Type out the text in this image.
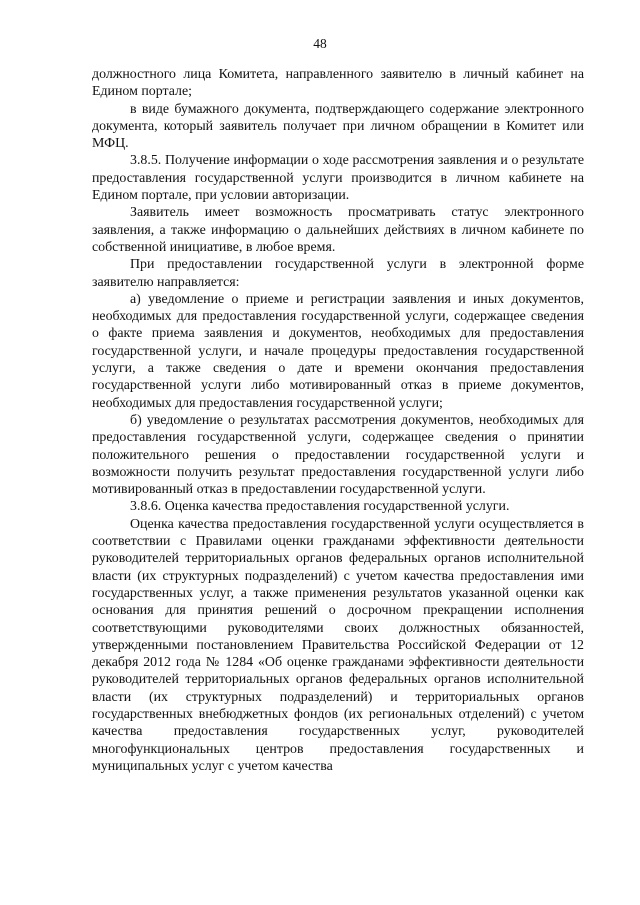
48

должностного лица Комитета, направленного заявителю в личный кабинет на Едином портале;

в виде бумажного документа, подтверждающего содержание электронного документа, который заявитель получает при личном обращении в Комитет или МФЦ.

3.8.5. Получение информации о ходе рассмотрения заявления и о результате предоставления государственной услуги производится в личном кабинете на Едином портале, при условии авторизации.

Заявитель имеет возможность просматривать статус электронного заявления, а также информацию о дальнейших действиях в личном кабинете по собственной инициативе, в любое время.

При предоставлении государственной услуги в электронной форме заявителю направляется:

а) уведомление о приеме и регистрации заявления и иных документов, необходимых для предоставления государственной услуги, содержащее сведения о факте приема заявления и документов, необходимых для предоставления государственной услуги, и начале процедуры предоставления государственной услуги, а также сведения о дате и времени окончания предоставления государственной услуги либо мотивированный отказ в приеме документов, необходимых для предоставления государственной услуги;

б) уведомление о результатах рассмотрения документов, необходимых для предоставления государственной услуги, содержащее сведения о принятии положительного решения о предоставлении государственной услуги и возможности получить результат предоставления государственной услуги либо мотивированный отказ в предоставлении государственной услуги.

3.8.6. Оценка качества предоставления государственной услуги.

Оценка качества предоставления государственной услуги осуществляется в соответствии с Правилами оценки гражданами эффективности деятельности руководителей территориальных органов федеральных органов исполнительной власти (их структурных подразделений) с учетом качества предоставления ими государственных услуг, а также применения результатов указанной оценки как основания для принятия решений о досрочном прекращении исполнения соответствующими руководителями своих должностных обязанностей, утвержденными постановлением Правительства Российской Федерации от 12 декабря 2012 года № 1284 «Об оценке гражданами эффективности деятельности руководителей территориальных органов федеральных органов исполнительной власти (их структурных подразделений) и территориальных органов государственных внебюджетных фондов (их региональных отделений) с учетом качества предоставления государственных услуг, руководителей многофункциональных центров предоставления государственных и муниципальных услуг с учетом качества
